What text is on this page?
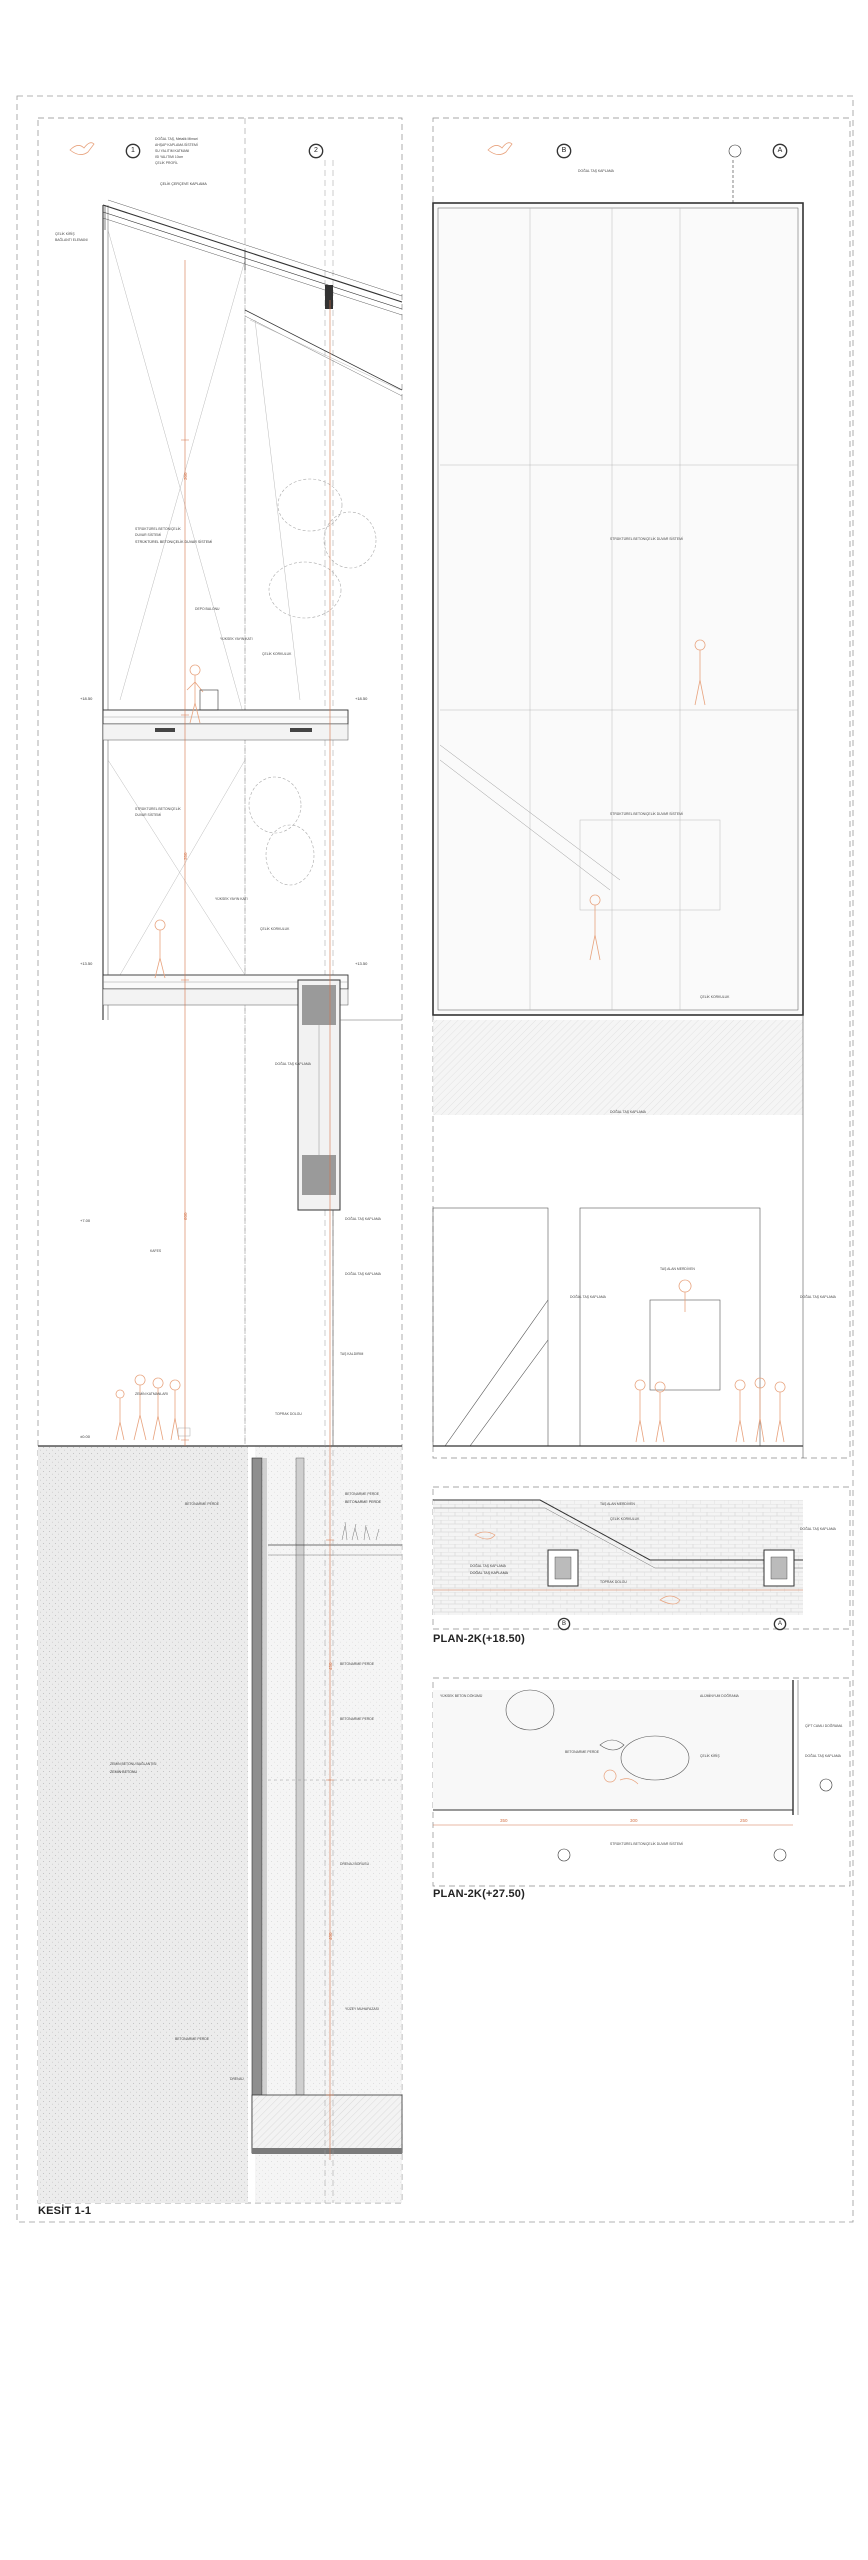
300
350
600
450
400
+18.50
+13.50
+7.00
±0.00
+18.50
+13.50
DOĞAL TAŞ, Metalik Mimari
AHŞAP KAPLAMA SİSTEMİ
SU YALITIM KATMANI
ISI YALITIMI 10cm
ÇELİK PROFİL
ÇELİK KİRİŞ
BAĞLANTI ELEMANI
STRÜKTÜREL BETON/ÇELİK
DUVAR SİSTEMİ
DEPO BALONU
YÜKSEK YAYIN KATI
ÇELİK KORKULUK
STRÜKTÜREL BETON/ÇELİK
DUVAR SİSTEMİ
YÜKSEK YAYIN KATI
ÇELİK KORKULUK
DOĞAL TAŞ KAPLAMA
DOĞAL TAŞ KAPLAMA
DOĞAL TAŞ KAPLAMA
TAŞ KALDIRIM
KAFES
ZEMİN KATMANLARI
TOPRAK DOLGU
BETONARME PERDE
BETONARME PERDE
ZEMİN BETONU BAĞLANTISI
BETONARME PERDE
BETONARME PERDE
DRENAJ BORUSU
YÜZEY MUHAFAZASI
BETONARME PERDE
DRENAJ
DOĞAL TAŞ KAPLAMA
STRÜKTÜREL BETON/ÇELİK DUVAR SİSTEMİ
STRÜKTÜREL BETON/ÇELİK DUVAR SİSTEMİ
ÇELİK KORKULUK
DOĞAL TAŞ KAPLAMA
TAŞ ALAN MERDİVEN
DOĞAL TAŞ KAPLAMA	DOĞAL TAŞ KAPLAMA
TAŞ ALAN MERDİVEN
ÇELİK KORKULUK
DOĞAL TAŞ KAPLAMA
TOPRAK DOLGU
DOĞAL TAŞ KAPLAMA
350	300	250
YÜKSEK BETON DÖKÜMÜ
BETONARME PERDE
ALÜMİNYUM DOĞRAMA
ÇİFT CAMLI DOĞRAMA
DOĞAL TAŞ KAPLAMA
ÇELİK KİRİŞ
STRÜKTÜREL BETON/ÇELİK DUVAR SİSTEMİ
KESİT 1-1
PLAN-2K(+18.50)
PLAN-2K(+27.50)
1	2	B	A
B	A
ÇELİK ÇERÇEVE KAPLAMA
STRÜKTÜREL BETON/ÇELİK DUVAR SİSTEMİ
BETONARME PERDE
ZEMİN BETONU
DOĞAL TAŞ KAPLAMA
